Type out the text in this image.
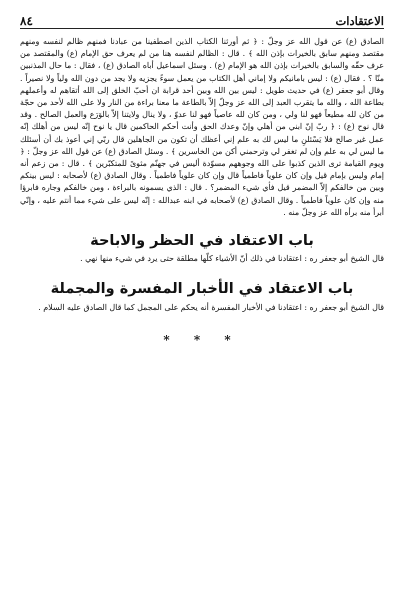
٨٤	الاعتقادات

الصادق (ع) عن قول الله عز وجلّ : ﴿ ثم أورثنا الكتاب الذين اصطفينا من عبادنا فمنهم ظالم لنفسه ومنهم مقتصد ومنهم سابق بالخيرات بإذن الله ﴾ . قال : الظالم لنفسه هنا من لم يعرف حق الإمام (ع) والمقتصد من عرف حقّه والسابق بالخيرات بإذن الله هو الإمام (ع) . وسئل اسماعيل أباه الصادق (ع) ، فقال : ما حال المذنبين منّا ؟ . فقال (ع) : ليس بامانيكم ولا إماني أهل الكتاب من يعمل سوءً يجزيه ولا يجد من دون الله ولياً ولا نصيراً . وقال أبو جعفر (ع) في حديث طويل : ليس بين الله وبين أحد قرابة ان أحبّ الخلق إلى الله أتقاهم له وأعملهم بطاعة الله ، والله ما يتقرب العبد إلى الله عز وجلّ إلاّ بالطاعة ما معنا براءة من النار ولا على الله لأحد من حجّة من كان لله مطيعاً فهو لنا ولي ، ومن كان لله عاصياً فهو لنا عدوّ ، ولا ينال ولايتنا إلاّ بالوَرَع والعمل الصالح . وقد قال نوح (ع) : ﴿ ربّ إنّ ابني من أهلي وإنّ وعدك الحق وأنت أحكم الحاكمين قال يا نوح إنّه ليس من أهلك إنّه عمل غير صالح فلا يَسْئلنِ ما ليس لك به علم إني أعظك أن تكون من الجاهلين قال ربّي إني أعوذ بك أن أسئلك ما ليس لي به علم وإن لم تغفر لي وترحمني أكن من الخاسرين ﴾ . وسئل الصادق (ع) عن قول الله عز وجلّ : ﴿ ويوم القيامة ترى الذين كذبوا على الله وجوههم مسوّدة أليس في جهنّم مثوىً للمتكبّرين ﴾ . قال : من زعم أنه إمام وليس بإمام قيل وإن كان علوياً فاطمياً قال وإن كان علوياً فاطمياً . وقال الصادق (ع) لأصحابه : ليس بينكم وبين من خالفكم إلاّ المضمر قيل فأي شيء المضمر؟ . قال : الذي يسمونه بالبراءة ، ومن خالفكم وجاره فابرؤا منه وإن كان علوياً فاطمياً . وقال الصادق (ع) لأصحابه في ابنه عبدالله : إنّه ليس على شيء مما أنتم عليه ، وإنّي أبرأ منه برأه الله عز وجلّ منه .

باب الاعتقاد في الحظر والاباحة

قال الشيخ أبو جعفر ره : اعتقادنا في ذلك أنّ الأشياء كلّها مطلقة حتى يرد في شيء منها نهي .

باب الاعتقاد في الأخبار المفسرة والمجملة

قال الشيخ أبو جعفر ره : اعتقادنا في الأخبار المفسرة أنه يحكم على المجمل كما قال الصادق عليه السلام .

* * *
